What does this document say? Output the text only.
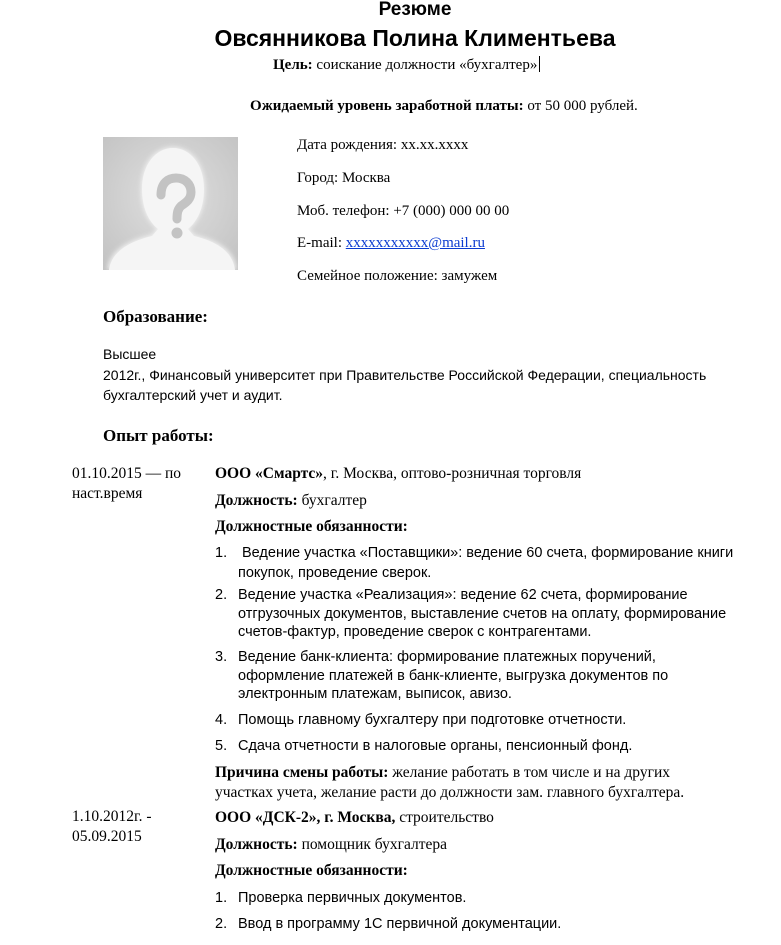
Резюме
Овсянникова Полина Климентьева
Цель: соискание должности «бухгалтер»
Ожидаемый уровень заработной платы: от 50 000 рублей.
Дата рождения: хх.хх.хххх
Город: Москва
Моб. телефон: +7 (000) 000 00 00
E-mail: xxxxxxxxxxx@mail.ru
Семейное положение: замужем
Образование:
Высшее
2012г., Финансовый университет при Правительстве Российской Федерации, специальность
бухгалтерский учет и аудит.
Опыт работы:
01.10.2015 — по
наст.время
ООО «Смартс», г. Москва, оптово-розничная торговля
Должность: бухгалтер
Должностные обязанности:
1. Ведение участка «Поставщики»: ведение 60 счета, формирование книги
покупок, проведение сверок.
2. Ведение участка «Реализация»: ведение 62 счета, формирование
отгрузочных документов, выставление счетов на оплату, формирование
счетов-фактур, проведение сверок с контрагентами.
3. Ведение банк-клиента: формирование платежных поручений,
оформление платежей в банк-клиенте, выгрузка документов по
электронным платежам, выписок, авизо.
4. Помощь главному бухгалтеру при подготовке отчетности.
5. Сдача отчетности в налоговые органы, пенсионный фонд.
Причина смены работы: желание работать в том числе и на других
участках учета, желание расти до должности зам. главного бухгалтера.
1.10.2012г. -
05.09.2015
ООО «ДСК-2», г. Москва, строительство
Должность: помощник бухгалтера
Должностные обязанности:
1. Проверка первичных документов.
2. Ввод в программу 1С первичной документации.
